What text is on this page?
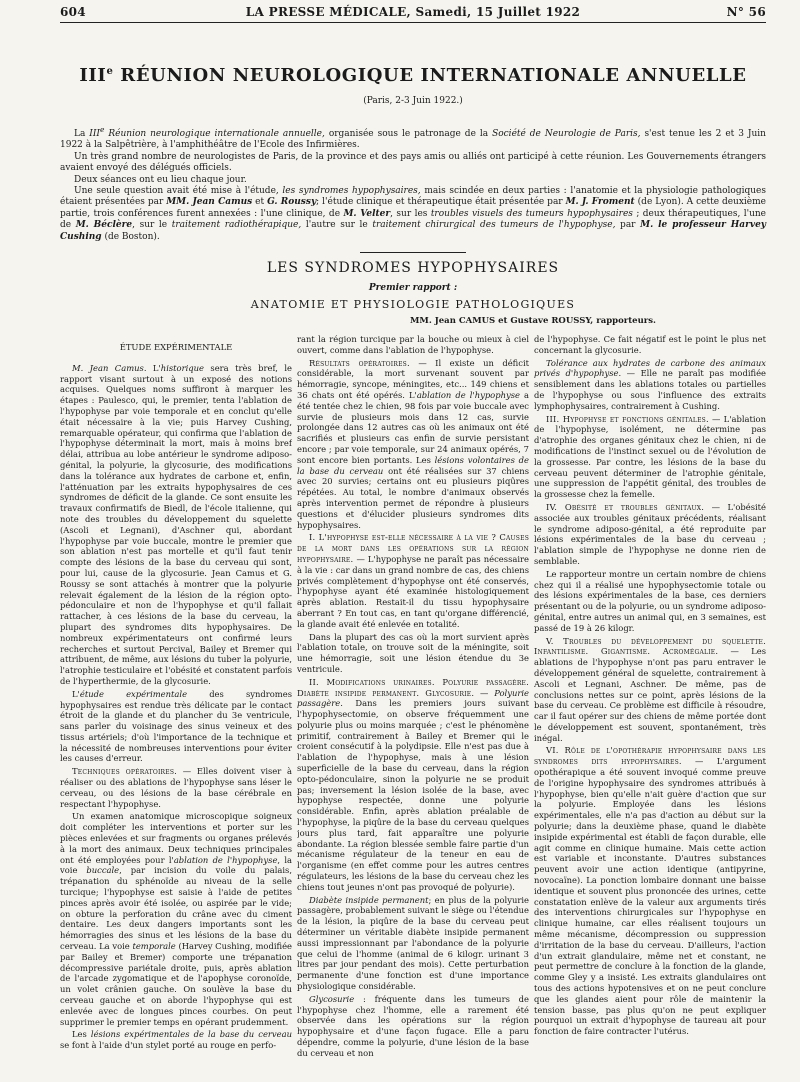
604	LA PRESSE MÉDICALE, Samedi, 15 Juillet 1922	N° 56
IIIe RÉUNION NEUROLOGIQUE INTERNATIONALE ANNUELLE
(Paris, 2-3 Juin 1922.)

La IIIe Réunion neurologique internationale annuelle, organisée sous le patronage de la Société de Neurologie de Paris, s'est tenue les 2 et 3 Juin 1922 à la Salpêtrière, à l'amphithéâtre de l'Ecole des Infirmières.

Un très grand nombre de neurologistes de Paris, de la province et des pays amis ou alliés ont participé à cette réunion. Les Gouvernements étrangers avaient envoyé des délégués officiels.

Deux séances ont eu lieu chaque jour.

Une seule question avait été mise à l'étude, les syndromes hypophysaires, mais scindée en deux parties : l'anatomie et la physiologie pathologiques étaient présentées par MM. Jean Camus et G. Roussy; l'étude clinique et thérapeutique était présentée par M. J. Froment (de Lyon). A cette deuxième partie, trois conférences furent annexées : l'une clinique, de M. Velter, sur les troubles visuels des tumeurs hypophysaires ; deux thérapeutiques, l'une de M. Béclère, sur le traitement radiothérapique, l'autre sur le traitement chirurgical des tumeurs de l'hypophyse, par M. le professeur Harvey Cushing (de Boston).

LES SYNDROMES HYPOPHYSAIRES
Premier rapport :
ANATOMIE ET PHYSIOLOGIE PATHOLOGIQUES
MM. Jean CAMUS et Gustave ROUSSY, rapporteurs.

ÉTUDE EXPÉRIMENTALE

M. Jean Camus. L'historique sera très bref, le rapport visant surtout à un exposé des notions acquises. Quelques noms suffiront à marquer les étapes : Paulesco, qui, le premier, tenta l'ablation de l'hypophyse par voie temporale et en conclut qu'elle était nécessaire à la vie; puis Harvey Cushing, remarquable opérateur, qui confirma que l'ablation de l'hypophyse déterminait la mort, mais à moins bref délai, attribua au lobe antérieur le syndrome adiposo-génital, la polyurie, la glycosurie, des modifications dans la tolérance aux hydrates de carbone et, enfin, l'atténuation par les extraits hypophysaires de ces syndromes de déficit de la glande. Ce sont ensuite les travaux confirmatifs de Biedl, de l'école italienne, qui note des troubles du développement du squelette (Ascoli et Legnani), d'Aschner qui, abordant l'hypophyse par voie buccale, montre le premier que son ablation n'est pas mortelle et qu'il faut tenir compte des lésions de la base du cerveau qui sont, pour lui, cause de la glycosurie. Jean Camus et G. Roussy se sont attachés à montrer que la polyurie relevait également de la lésion de la région opto-pédonculaire et non de l'hypophyse et qu'il fallait rattacher, à ces lésions de la base du cerveau, la plupart des syndromes dits hypophysaires. De nombreux expérimentateurs ont confirmé leurs recherches et surtout Percival, Bailey et Bremer qui attribuent, de même, aux lésions du tuber la polyurie, l'atrophie testiculaire et l'obésité et constatent parfois de l'hyperthermie, de la glycosurie.

L'étude expérimentale des syndromes hypophysaires est rendue très délicate par le contact étroit de la glande et du plancher du 3e ventricule, sans parler du voisinage des sinus veineux et des tissus artériels; d'où l'importance de la technique et la nécessité de nombreuses interventions pour éviter les causes d'erreur.

Techniques opératoires. — Elles doivent viser à réaliser ou des ablations de l'hypophyse sans léser le cerveau, ou des lésions de la base cérébrale en respectant l'hypophyse.

Un examen anatomique microscopique soigneux doit compléter les interventions et porter sur les pièces enlevées et sur fragments ou organes prélevés à la mort des animaux. Deux techniques principales ont été employées pour l'ablation de l'hypophyse, la voie buccale, par incision du voile du palais, trépanation du sphénoïde au niveau de la selle turcique; l'hypophyse est saisie à l'aide de petites pinces après avoir été isolée, ou aspirée par le vide; on obture la perforation du crâne avec du ciment dentaire. Les deux dangers importants sont les hémorragies des sinus et les lésions de la base du cerveau. La voie temporale (Harvey Cushing, modifiée par Bailey et Bremer) comporte une trépanation décompressive pariétale droite, puis, après ablation de l'arcade zygomatique et de l'apophyse coronoïde, un volet crânien gauche. On soulève la base du cerveau gauche et on aborde l'hypophyse qui est enlevée avec de longues pinces courbes. On peut supprimer le premier temps en opérant prudemment.

Les lésions expérimentales de la base du cerveau se font à l'aide d'un stylet porté au rouge en perfo-

rant la région turcique par la bouche ou mieux à ciel ouvert, comme dans l'ablation de l'hypophyse.

Résultats opératoires. — Il existe un déficit considérable, la mort survenant souvent par hémorragie, syncope, méningites, etc... 149 chiens et 36 chats ont été opérés. L'ablation de l'hypophyse a été tentée chez le chien, 98 fois par voie buccale avec survie de plusieurs mois dans 12 cas, survie prolongée dans 12 autres cas où les animaux ont été sacrifiés et plusieurs cas enfin de survie persistant encore ; par voie temporale, sur 24 animaux opérés, 7 sont encore bien portants. Les lésions volontaires de la base du cerveau ont été réalisées sur 37 chiens avec 20 survies; certains ont eu plusieurs piqûres répétées. Au total, le nombre d'animaux observés après intervention permet de répondre à plusieurs questions et d'élucider plusieurs syndromes dits hypophysaires.

I. L'hypophyse est-elle nécessaire à la vie ? Causes de la mort dans les opérations sur la région hypophysaire. — L'hypophyse ne paraît pas nécessaire à la vie : car dans un grand nombre de cas, des chiens privés complètement d'hypophyse ont été conservés, l'hypophyse ayant été examinée histologiquement après ablation. Restait-il du tissu hypophysaire aberrant ? En tout cas, en tant qu'organe différencié, la glande avait été enlevée en totalité.

Dans la plupart des cas où la mort survient après l'ablation totale, on trouve soit de la méningite, soit une hémorragie, soit une lésion étendue du 3e ventricule.

II. Modifications urinaires. Polyurie passagère. Diabète insipide permanent. Glycosurie. — Polyurie passagère. Dans les premiers jours suivant l'hypophysectomie, on observe fréquemment une polyurie plus ou moins marquée ; c'est le phénomène primitif, contrairement à Bailey et Bremer qui le croient consécutif à la polydipsie. Elle n'est pas due à l'ablation de l'hypophyse, mais à une lésion superficielle de la base du cerveau, dans la région opto-pédonculaire, sinon la polyurie ne se produit pas; inversement la lésion isolée de la base, avec hypophyse respectée, donne une polyurie considérable. Enfin, après ablation préalable de l'hypophyse, la piqûre de la base du cerveau quelques jours plus tard, fait apparaître une polyurie abondante. La région blessée semble faire partie d'un mécanisme régulateur de la teneur en eau de l'organisme (en effet comme pour les autres centres régulateurs, les lésions de la base du cerveau chez les chiens tout jeunes n'ont pas provoqué de polyurie).

Diabète insipide permanent; en plus de la polyurie passagère, probablement suivant le siège ou l'étendue de la lésion, la piqûre de la base du cerveau peut déterminer un véritable diabète insipide permanent aussi impressionnant par l'abondance de la polyurie que celui de l'homme (animal de 6 kilogr. urinant 3 litres par jour pendant des mois). Cette perturbation permanente d'une fonction est d'une importance physiologique considérable.

Glycosurie : fréquente dans les tumeurs de l'hypophyse chez l'homme, elle a rarement été observée dans les opérations sur la région hypophysaire et d'une façon fugace. Elle a paru dépendre, comme la polyurie, d'une lésion de la base du cerveau et non

de l'hypophyse. Ce fait négatif est le point le plus net concernant la glycosurie.

Tolérance aux hydrates de carbone des animaux privés d'hypophyse. — Elle ne paraît pas modifiée sensiblement dans les ablations totales ou partielles de l'hypophyse ou sous l'influence des extraits lymphophysaires, contrairement à Cushing.

III. Hypophyse et fonctions génitales. — L'ablation de l'hypophyse, isolément, ne détermine pas d'atrophie des organes génitaux chez le chien, ni de modifications de l'instinct sexuel ou de l'évolution de la grossesse. Par contre, les lésions de la base du cerveau peuvent déterminer de l'atrophie génitale, une suppression de l'appétit génital, des troubles de la grossesse chez la femelle.

IV. Obésité et troubles génitaux. — L'obésité associée aux troubles génitaux précédents, réalisant le syndrome adiposo-génital, a été reproduite par lésions expérimentales de la base du cerveau ; l'ablation simple de l'hypophyse ne donne rien de semblable.

Le rapporteur montre un certain nombre de chiens chez qui il a réalisé une hypophysectomie totale ou des lésions expérimentales de la base, ces derniers présentant ou de la polyurie, ou un syndrome adiposo-génital, entre autres un animal qui, en 3 semaines, est passé de 19 à 26 kilogr.

V. Troubles du développement du squelette. Infantilisme. Gigantisme. Acromégalie. — Les ablations de l'hypophyse n'ont pas paru entraver le développement général de squelette, contrairement à Ascoli et Legnani, Aschner. De même, pas de conclusions nettes sur ce point, après lésions de la base du cerveau. Ce problème est difficile à résoudre, car il faut opérer sur des chiens de même portée dont le développement est souvent, spontanément, très inégal.

VI. Rôle de l'opothérapie hypophysaire dans les syndromes dits hypophysaires. — L'argument opothérapique a été souvent invoqué comme preuve de l'origine hypophysaire des syndromes attribués à l'hypophyse, bien qu'elle n'ait guère d'action que sur la polyurie. Employée dans les lésions expérimentales, elle n'a pas d'action au début sur la polyurie; dans la deuxième phase, quand le diabète insipide expérimental est établi de façon durable, elle agit comme en clinique humaine. Mais cette action est variable et inconstante. D'autres substances peuvent avoir une action identique (antipyrine, novocaïne). La ponction lombaire donnant une baisse identique et souvent plus prononcée des urines, cette constatation enlève de la valeur aux arguments tirés des interventions chirurgicales sur l'hypophyse en clinique humaine, car elles réalisent toujours un même mécanisme, décompression ou suppression d'irritation de la base du cerveau. D'ailleurs, l'action d'un extrait glandulaire, même net et constant, ne peut permettre de conclure à la fonction de la glande, comme Gley y a insisté. Les extraits glandulaires ont tous des actions hypotensives et on ne peut conclure que les glandes aient pour rôle de maintenir la tension basse, pas plus qu'on ne peut expliquer pourquoi un extrait d'hypophyse de taureau ait pour fonction de faire contracter l'utérus.
